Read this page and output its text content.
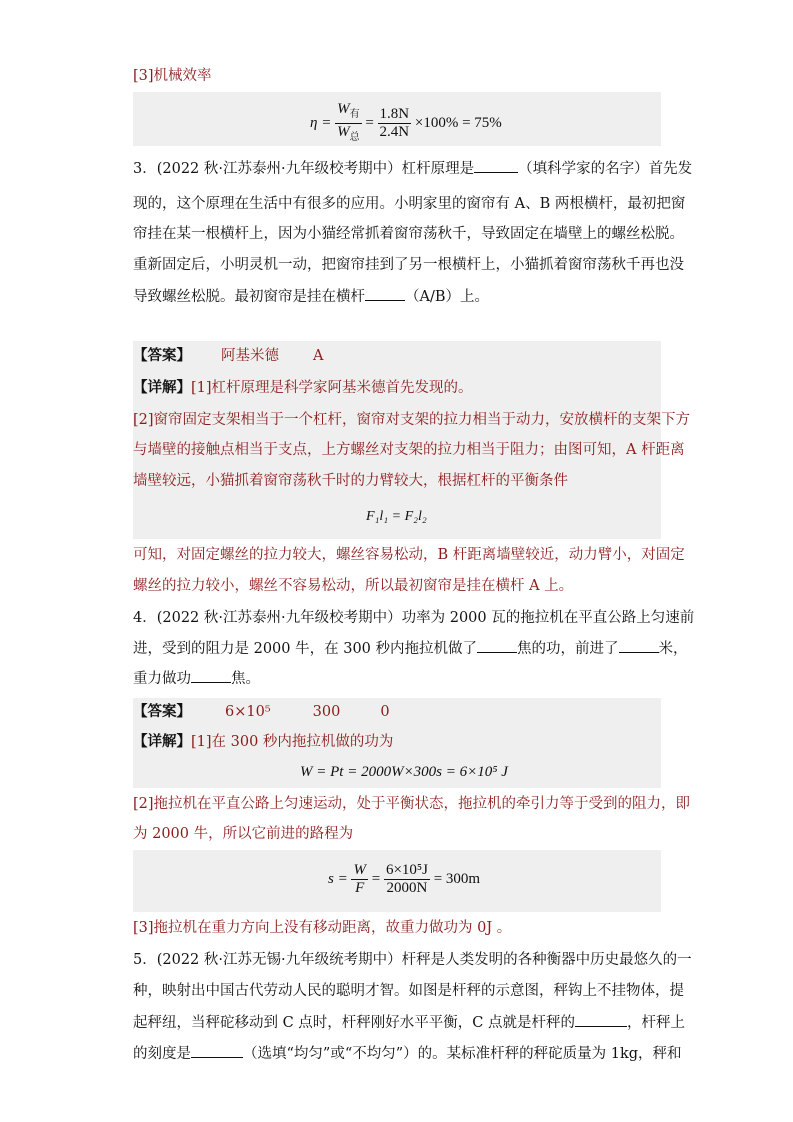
[3]机械效率
$\eta = \frac{W_有}{W_总} = \frac{1.8N}{2.4N} \times 100\% = 75\%$
3．(2022 秋·江苏泰州·九年级校考期中）杠杆原理是	（填科学家的名字）首先发
现的，这个原理在生活中有很多的应用。小明家里的窗帘有 A、B 两根横杆，最初把窗
帘挂在某一根横杆上，因为小猫经常抓着窗帘荡秋千，导致固定在墙壁上的螺丝松脱。
重新固定后，小明灵机一动，把窗帘挂到了另一根横杆上，小猫抓着窗帘荡秋千再也没
导致螺丝松脱。最初窗帘是挂在横杆	（A/B）上。
【答案】 阿基米德 A
【详解】[1]杠杆原理是科学家阿基米德首先发现的。
[2]窗帘固定支架相当于一个杠杆，窗帘对支架的拉力相当于动力，安放横杆的支架下方
与墙壁的接触点相当于支点，上方螺丝对支架的拉力相当于阻力；由图可知，A 杆距离
墙壁较远，小猫抓着窗帘荡秋千时的力臂较大，根据杠杆的平衡条件
F₁l₁ = F₂l₂
可知，对固定螺丝的拉力较大，螺丝容易松动，B 杆距离墙壁较近，动力臂小，对固定
螺丝的拉力较小，螺丝不容易松动，所以最初窗帘是挂在横杆 A 上。
4．(2022 秋·江苏泰州·九年级校考期中）功率为 2000 瓦的拖拉机在平直公路上匀速前
进，受到的阻力是 2000 牛，在 300 秒内拖拉机做了	焦的功，前进了	米，
重力做功	焦。
【答案】 6×10⁵	300	0
【详解】[1]在 300 秒内拖拉机做的功为
W = Pt = 2000W×300s = 6×10⁵ J
[2]拖拉机在平直公路上匀速运动，处于平衡状态，拖拉机的牵引力等于受到的阻力，即
为 2000 牛，所以它前进的路程为
$s = \frac{W}{F} = \frac{\text{6×10⁵J}}{2000N} = 300m$
[3]拖拉机在重力方向上没有移动距离，故重力做功为 0J 。
5．(2022 秋·江苏无锡·九年级统考期中）杆秤是人类发明的各种衡器中历史最悠久的一
种，映射出中国古代劳动人民的聪明才智。如图是杆秤的示意图，秤钩上不挂物体，提
起秤纽，当秤砣移动到 C 点时，杆秤刚好水平平衡，C 点就是杆秤的	，杆秤上
的刻度是	（选填“均匀”或“不均匀”）的。某标准杆秤的秤砣质量为 1kg，秤和
